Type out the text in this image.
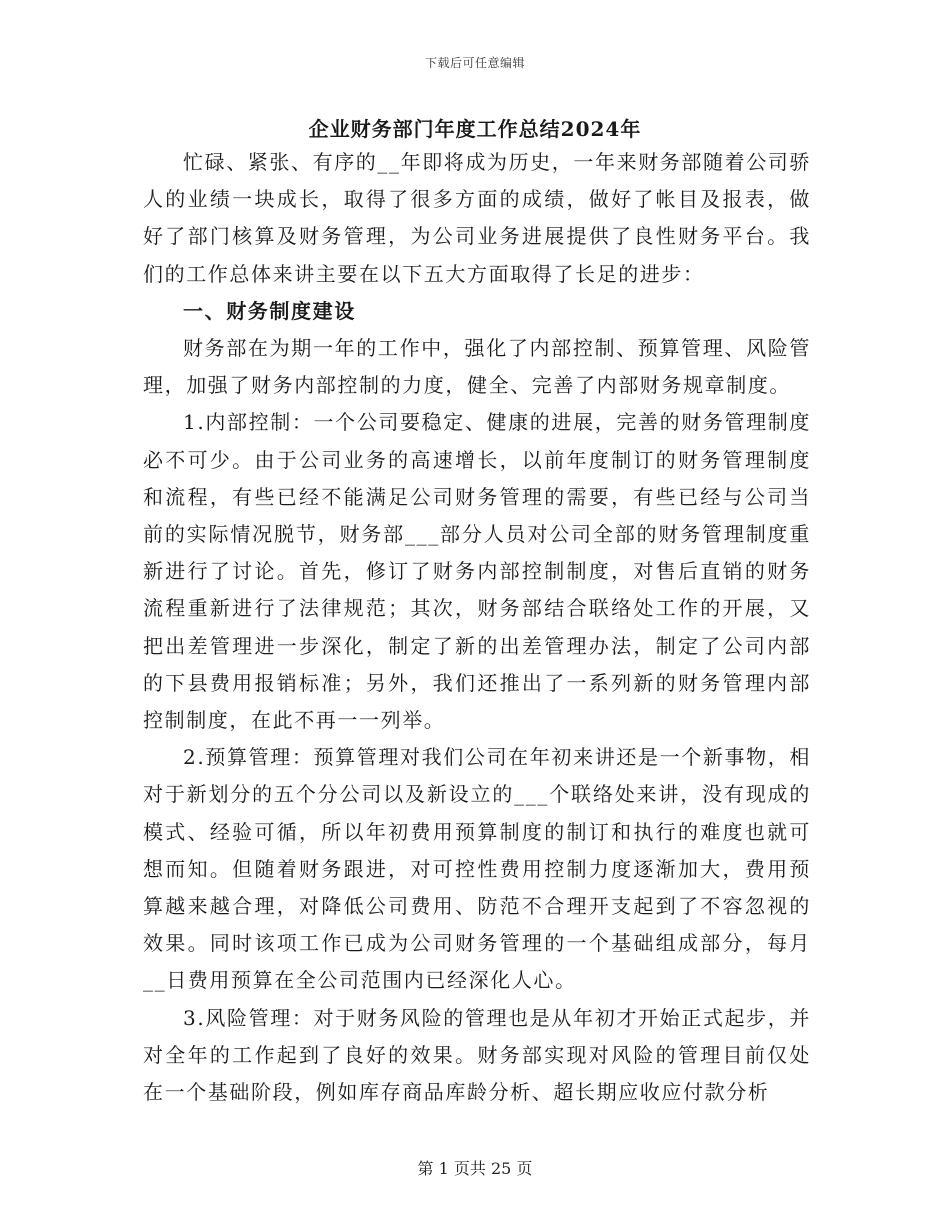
下载后可任意编辑
企业财务部门年度工作总结2024年

忙碌、紧张、有序的__年即将成为历史，一年来财务部随着公司骄人的业绩一块成长，取得了很多方面的成绩，做好了帐目及报表，做好了部门核算及财务管理，为公司业务进展提供了良性财务平台。我们的工作总体来讲主要在以下五大方面取得了长足的进步：

一、财务制度建设

财务部在为期一年的工作中，强化了内部控制、预算管理、风险管理，加强了财务内部控制的力度，健全、完善了内部财务规章制度。

1.内部控制：一个公司要稳定、健康的进展，完善的财务管理制度必不可少。由于公司业务的高速增长，以前年度制订的财务管理制度和流程，有些已经不能满足公司财务管理的需要，有些已经与公司当前的实际情况脱节，财务部___部分人员对公司全部的财务管理制度重新进行了讨论。首先，修订了财务内部控制制度，对售后直销的财务流程重新进行了法律规范；其次，财务部结合联络处工作的开展，又把出差管理进一步深化，制定了新的出差管理办法，制定了公司内部的下县费用报销标准；另外，我们还推出了一系列新的财务管理内部控制制度，在此不再一一列举。

2.预算管理：预算管理对我们公司在年初来讲还是一个新事物，相对于新划分的五个分公司以及新设立的___个联络处来讲，没有现成的模式、经验可循，所以年初费用预算制度的制订和执行的难度也就可想而知。但随着财务跟进，对可控性费用控制力度逐渐加大，费用预算越来越合理，对降低公司费用、防范不合理开支起到了不容忽视的效果。同时该项工作已成为公司财务管理的一个基础组成部分，每月__日费用预算在全公司范围内已经深化人心。

3.风险管理：对于财务风险的管理也是从年初才开始正式起步，并对全年的工作起到了良好的效果。财务部实现对风险的管理目前仅处在一个基础阶段，例如库存商品库龄分析、超长期应收应付款分析

第 1 页共 25 页
